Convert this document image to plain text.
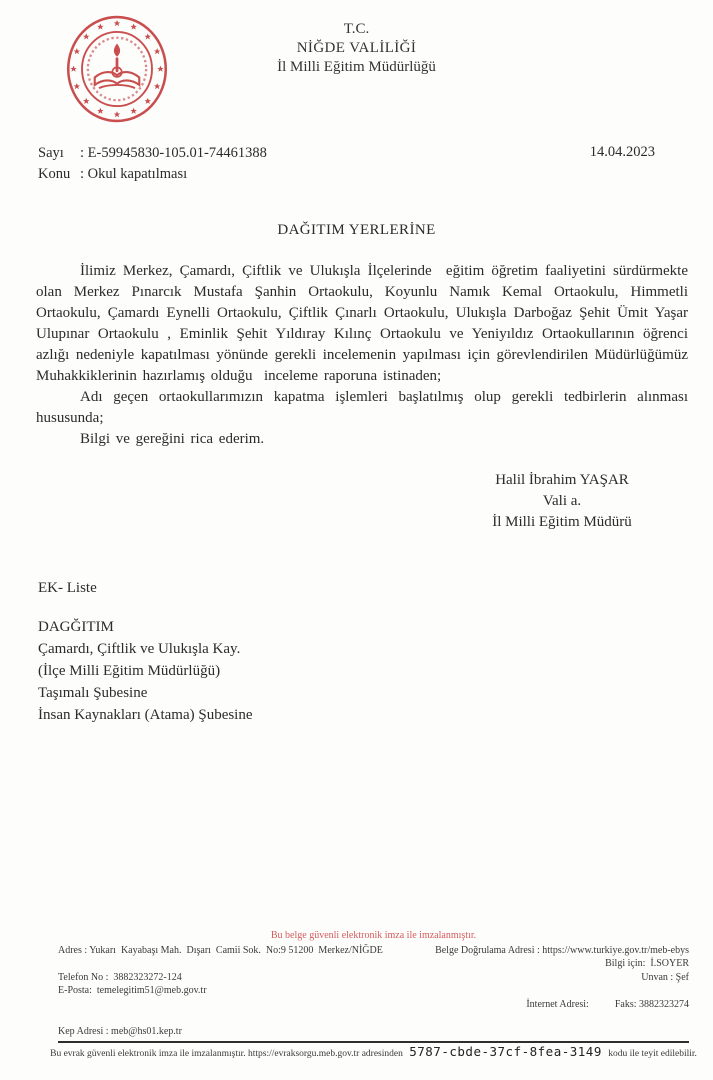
T.C.
NİĞDE VALİLİĞİ
İl Milli Eğitim Müdürlüğü
Sayı	: E-59945830-105.01-74461388
Konu : Okul kapatılması
14.04.2023
DAĞITIM YERLERİNE

İlimiz Merkez, Çamardı, Çiftlik ve Ulukışla İlçelerinde  eğitim öğretim faaliyetini sürdürmekte olan Merkez Pınarcık Mustafa Şanhin Ortaokulu, Koyunlu Namık Kemal Ortaokulu, Himmetli Ortaokulu, Çamardı Eynelli Ortaokulu, Çiftlik Çınarlı Ortaokulu, Ulukışla Darboğaz Şehit Ümit Yaşar Ulupınar Ortaokulu , Eminlik Şehit Yıldıray Kılınç Ortaokulu ve Yeniyıldız Ortaokullarının öğrenci azlığı nedeniyle kapatılması yönünde gerekli incelemenin yapılması için görevlendirilen Müdürlüğümüz  Muhakkiklerinin hazırlamış olduğu  inceleme raporuna istinaden;

Adı geçen ortaokullarımızın kapatma işlemleri başlatılmış olup gerekli tedbirlerin alınması hususunda;

Bilgi ve gereğini rica ederim.

Halil İbrahim YAŞAR
Vali a.
İl Milli Eğitim Müdürü
EK- Liste
DAGĞITIM
Çamardı, Çiftlik ve Ulukışla Kay.
(İlçe Milli Eğitim Müdürlüğü)
Taşımalı Şubesine
İnsan Kaynakları (Atama) Şubesine
Bu belge güvenli elektronik imza ile imzalanmıştır.
Adres : Yukarı  Kayabaşı Mah.  Dışarı  Camii Sok.  No:9 51200  Merkez/NİĞDE	Belge Doğrulama Adresi : https://www.turkiye.gov.tr/meb-ebys
Bilgi için:  İ.SOYER
Telefon No :  3882323272-124	Unvan : Şef
E-Posta:  temelegitim51@meb.gov.tr

İnternet Adresi:	Faks: 3882323274

Kep Adresi : meb@hs01.kep.tr
Bu evrak güvenli elektronik imza ile imzalanmıştır. https://evraksorgu.meb.gov.tr adresinden 5787-cbde-37cf-8fea-3149 kodu ile teyit edilebilir.
